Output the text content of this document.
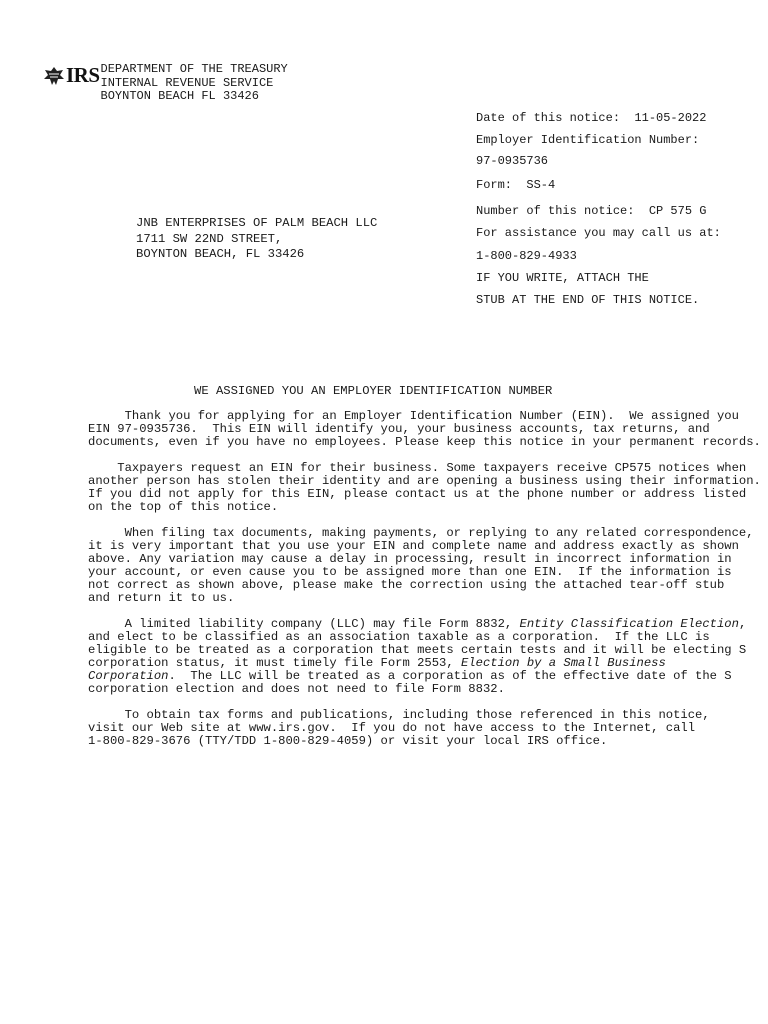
IRS DEPARTMENT OF THE TREASURY
INTERNAL REVENUE SERVICE
BOYNTON BEACH FL 33426
Date of this notice:  11-05-2022
Employer Identification Number:
97-0935736
Form:  SS-4
Number of this notice:  CP 575 G
For assistance you may call us at:
1-800-829-4933
IF YOU WRITE, ATTACH THE
STUB AT THE END OF THIS NOTICE.
JNB ENTERPRISES OF PALM BEACH LLC
1711 SW 22ND STREET,
BOYNTON BEACH, FL 33426
WE ASSIGNED YOU AN EMPLOYER IDENTIFICATION NUMBER

Thank you for applying for an Employer Identification Number (EIN).  We assigned you
EIN 97-0935736.  This EIN will identify you, your business accounts, tax returns, and
documents, even if you have no employees. Please keep this notice in your permanent records.

Taxpayers request an EIN for their business. Some taxpayers receive CP575 notices when
another person has stolen their identity and are opening a business using their information.
If you did not apply for this EIN, please contact us at the phone number or address listed
on the top of this notice.

When filing tax documents, making payments, or replying to any related correspondence,
it is very important that you use your EIN and complete name and address exactly as shown
above. Any variation may cause a delay in processing, result in incorrect information in
your account, or even cause you to be assigned more than one EIN.  If the information is
not correct as shown above, please make the correction using the attached tear-off stub
and return it to us.

A limited liability company (LLC) may file Form 8832, Entity Classification Election,
and elect to be classified as an association taxable as a corporation.  If the LLC is
eligible to be treated as a corporation that meets certain tests and it will be electing S
corporation status, it must timely file Form 2553, Election by a Small Business
Corporation.  The LLC will be treated as a corporation as of the effective date of the S
corporation election and does not need to file Form 8832.

To obtain tax forms and publications, including those referenced in this notice,
visit our Web site at www.irs.gov.  If you do not have access to the Internet, call
1-800-829-3676 (TTY/TDD 1-800-829-4059) or visit your local IRS office.
